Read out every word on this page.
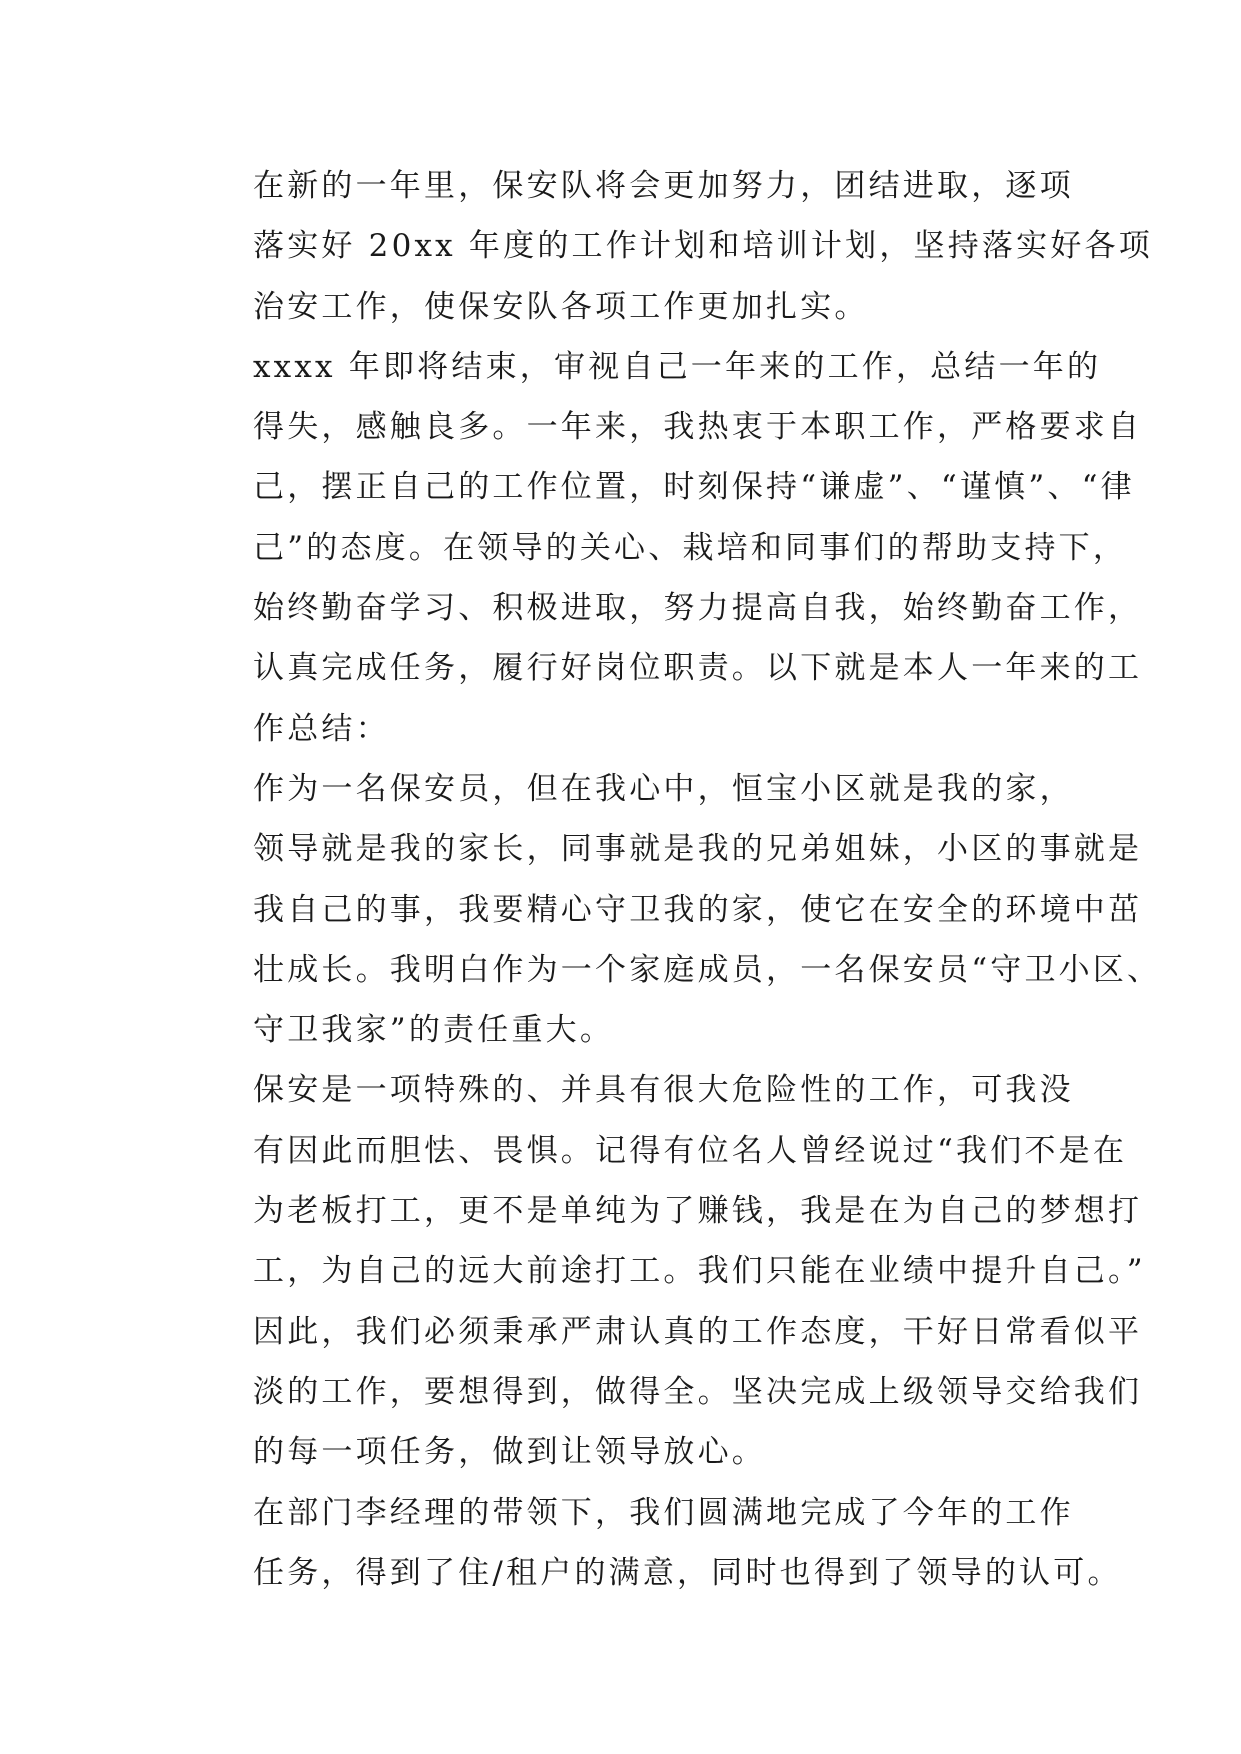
在新的一年里，保安队将会更加努力，团结进取，逐项
落实好 20xx 年度的工作计划和培训计划，坚持落实好各项
治安工作，使保安队各项工作更加扎实。

xxxx 年即将结束，审视自己一年来的工作，总结一年的
得失，感触良多。一年来，我热衷于本职工作，严格要求自
己，摆正自己的工作位置，时刻保持“谦虚”、“谨慎”、“律
己”的态度。在领导的关心、栽培和同事们的帮助支持下，
始终勤奋学习、积极进取，努力提高自我，始终勤奋工作，
认真完成任务，履行好岗位职责。以下就是本人一年来的工
作总结：

作为一名保安员，但在我心中，恒宝小区就是我的家，
领导就是我的家长，同事就是我的兄弟姐妹，小区的事就是
我自己的事，我要精心守卫我的家，使它在安全的环境中茁
壮成长。我明白作为一个家庭成员，一名保安员“守卫小区、
守卫我家”的责任重大。

保安是一项特殊的、并具有很大危险性的工作，可我没
有因此而胆怯、畏惧。记得有位名人曾经说过“我们不是在
为老板打工，更不是单纯为了赚钱，我是在为自己的梦想打
工，为自己的远大前途打工。我们只能在业绩中提升自己。”
因此，我们必须秉承严肃认真的工作态度，干好日常看似平
淡的工作，要想得到，做得全。坚决完成上级领导交给我们
的每一项任务，做到让领导放心。

在部门李经理的带领下，我们圆满地完成了今年的工作
任务，得到了住/租户的满意，同时也得到了领导的认可。
